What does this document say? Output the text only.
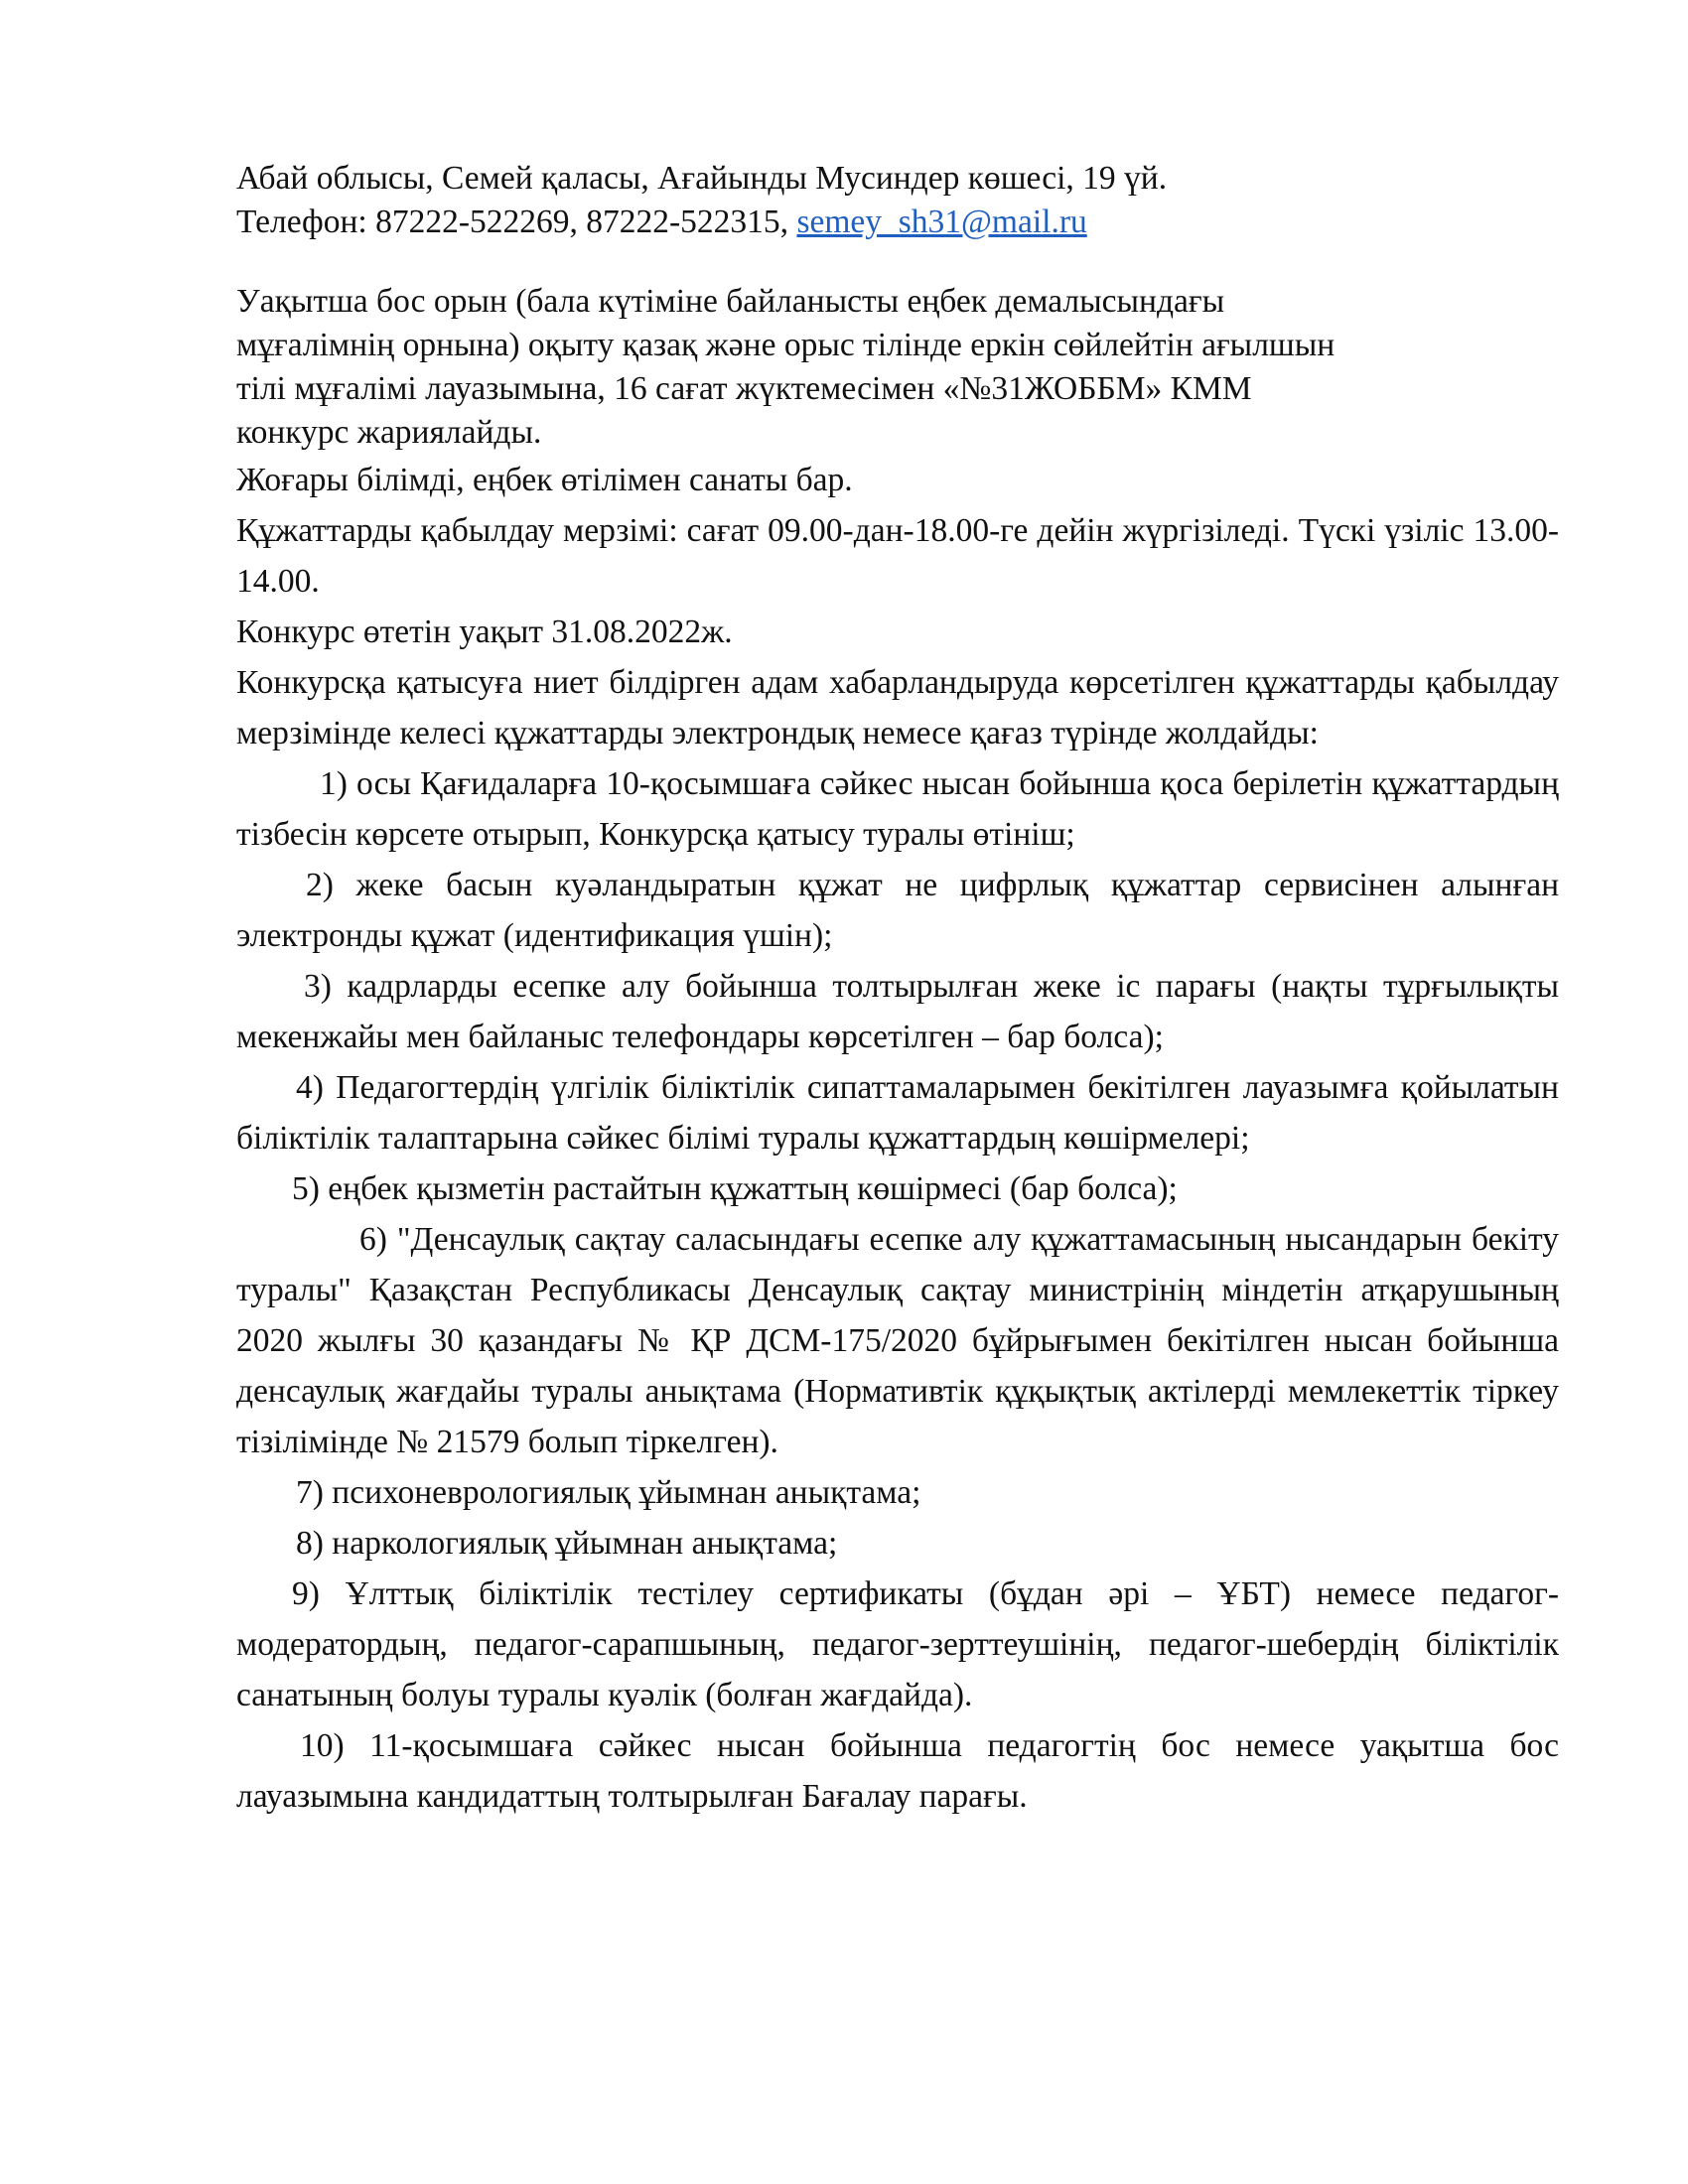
Абай облысы, Семей қаласы, Ағайынды Мусиндер көшесі, 19 үй.
Телефон: 87222-522269, 87222-522315, semey_sh31@mail.ru
Уақытша бос орын (бала күтіміне байланысты еңбек демалысындағы
мұғалімнің орнына) оқыту қазақ және орыс тілінде еркін сөйлейтін ағылшын
тілі мұғалімі лауазымына, 16 сағат жүктемесімен «№31ЖОББМ» КММ
конкурс жариялайды.

Жоғары білімді, еңбек өтілімен санаты бар.

Құжаттарды қабылдау мерзімі: сағат 09.00-дан-18.00-ге дейін жүргізіледі. Түскі үзіліс 13.00-14.00.

Конкурс өтетін уақыт 31.08.2022ж.

Конкурсқа қатысуға ниет білдірген адам хабарландыруда көрсетілген құжаттарды қабылдау мерзімінде келесі құжаттарды электрондық немесе қағаз түрінде жолдайды:

1) осы Қағидаларға 10-қосымшаға сәйкес нысан бойынша қоса берілетін құжаттардың тізбесін көрсете отырып, Конкурсқа қатысу туралы өтініш;

2) жеке басын куәландыратын құжат не цифрлық құжаттар сервисінен алынған электронды құжат (идентификация үшін);

3) кадрларды есепке алу бойынша толтырылған жеке іс парағы (нақты тұрғылықты мекенжайы мен байланыс телефондары көрсетілген – бар болса);

4) Педагогтердің үлгілік біліктілік сипаттамаларымен бекітілген лауазымға қойылатын біліктілік талаптарына сәйкес білімі туралы құжаттардың көшірмелері;

5) еңбек қызметін растайтын құжаттың көшірмесі (бар болса);

6) "Денсаулық сақтау саласындағы есепке алу құжаттамасының нысандарын бекіту туралы" Қазақстан Республикасы Денсаулық сақтау министрінің міндетін атқарушының 2020 жылғы 30 қазандағы № ҚР ДСМ-175/2020 бұйрығымен бекітілген нысан бойынша денсаулық жағдайы туралы анықтама (Нормативтік құқықтық актілерді мемлекеттік тіркеу тізілімінде № 21579 болып тіркелген).

7) психоневрологиялық ұйымнан анықтама;

8) наркологиялық ұйымнан анықтама;

9) Ұлттық біліктілік тестілеу сертификаты (бұдан әрі – ҰБТ) немесе педагог-модератордың, педагог-сарапшының, педагог-зерттеушінің, педагог-шебердің біліктілік санатының болуы туралы куәлік (болған жағдайда).

10) 11-қосымшаға сәйкес нысан бойынша педагогтің бос немесе уақытша бос лауазымына кандидаттың толтырылған Бағалау парағы.
